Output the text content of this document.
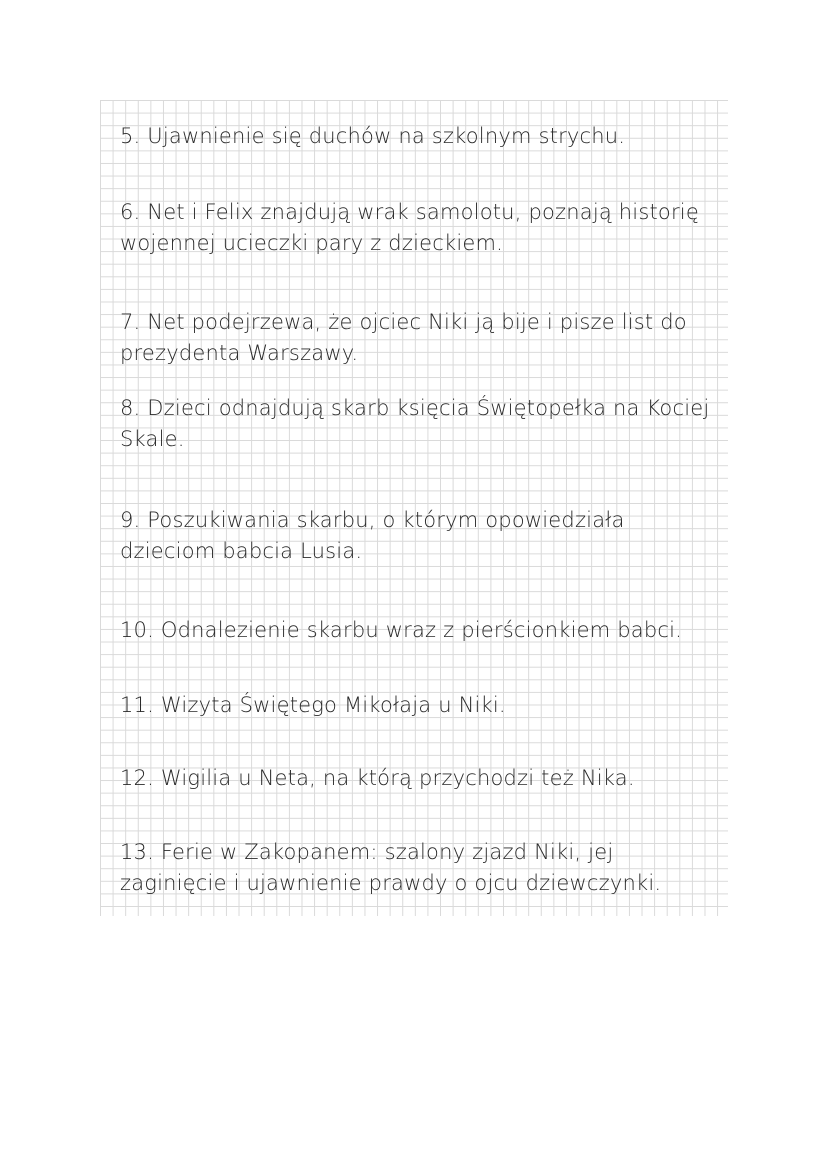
5. Ujawnienie się duchów na szkolnym strychu.
6. Net i Felix znajdują wrak samolotu, poznają historię wojennej ucieczki pary z dzieckiem.
7. Net podejrzewa, że ojciec Niki ją bije i pisze list do prezydenta Warszawy.
8. Dzieci odnajdują skarb księcia Świętopełka na Kociej Skale.
9. Poszukiwania skarbu, o którym opowiedziała dzieciom babcia Lusia.
10. Odnalezienie skarbu wraz z pierścionkiem babci.
11. Wizyta Świętego Mikołaja u Niki.
12. Wigilia u Neta, na którą przychodzi też Nika.
13. Ferie w Zakopanem: szalony zjazd Niki, jej zaginięcie i ujawnienie prawdy o ojcu dziewczynki.
